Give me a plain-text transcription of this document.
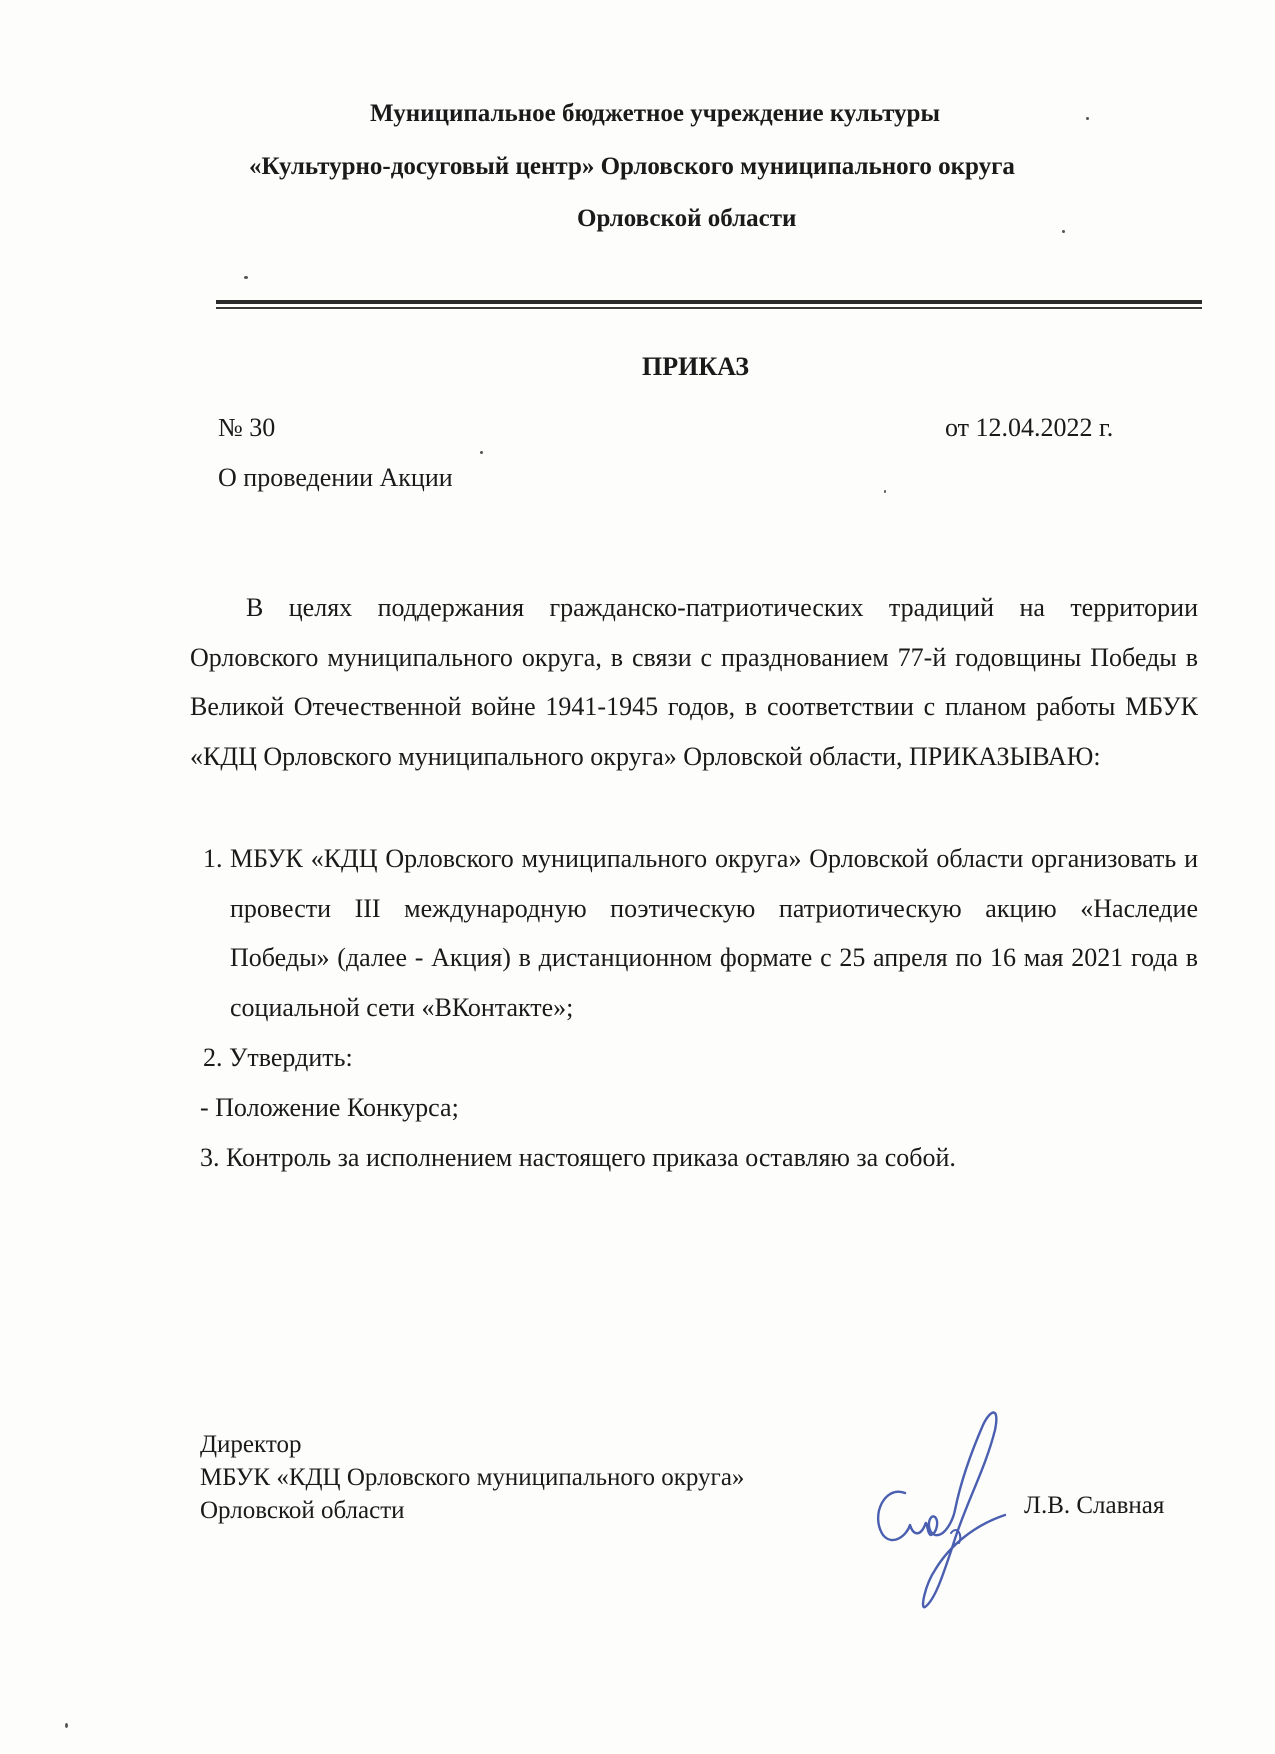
Муниципальное бюджетное учреждение культуры
«Культурно-досуговый центр» Орловского муниципального округа
Орловской области
ПРИКАЗ
№ 30	от 12.04.2022 г.
О проведении Акции

В целях поддержания гражданско-патриотических традиций на территории Орловского муниципального округа, в связи с празднованием 77-й годовщины Победы в Великой Отечественной войне 1941-1945 годов, в соответствии с планом работы МБУК «КДЦ Орловского муниципального округа» Орловской области, ПРИКАЗЫВАЮ:

1. МБУК «КДЦ Орловского муниципального округа» Орловской области организовать и провести III международную поэтическую патриотическую акцию «Наследие Победы» (далее - Акция) в дистанционном формате с 25 апреля по 16 мая 2021 года в социальной сети «ВКонтакте»;
2. Утвердить:
- Положение Конкурса;
3. Контроль за исполнением настоящего приказа оставляю за собой.
Директор
МБУК «КДЦ Орловского муниципального округа»
Орловской области	Л.В. Славная
